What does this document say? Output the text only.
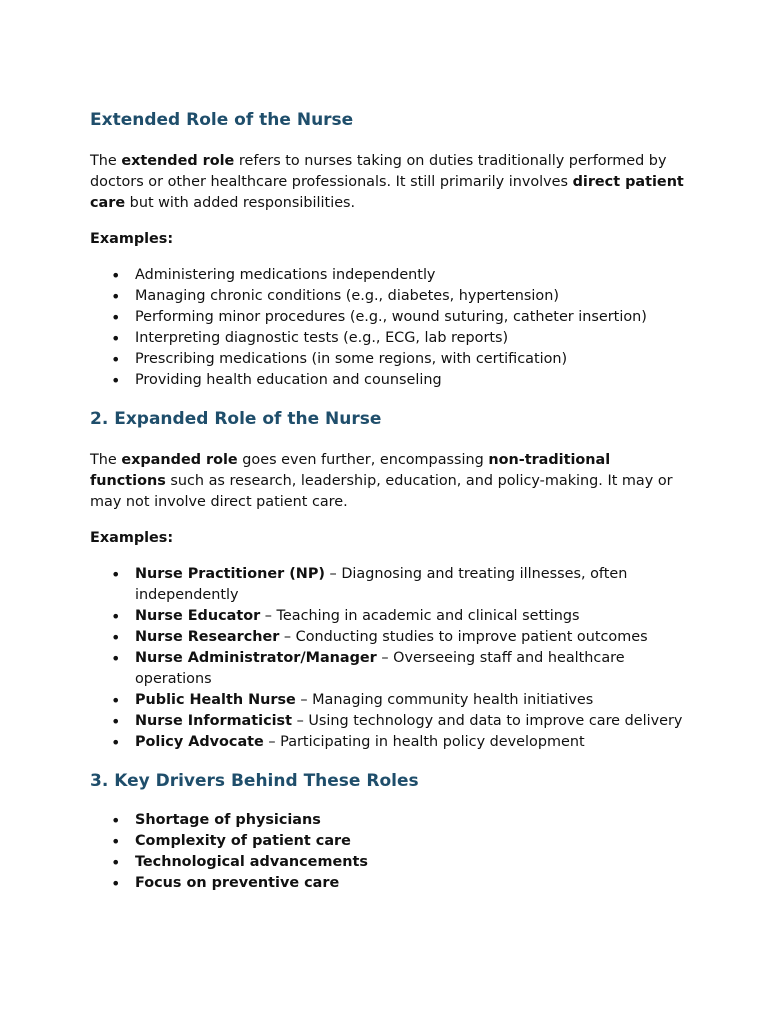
Extended Role of the Nurse

The extended role refers to nurses taking on duties traditionally performed by doctors or other healthcare professionals. It still primarily involves direct patient care but with added responsibilities.

Examples:

• Administering medications independently
• Managing chronic conditions (e.g., diabetes, hypertension)
• Performing minor procedures (e.g., wound suturing, catheter insertion)
• Interpreting diagnostic tests (e.g., ECG, lab reports)
• Prescribing medications (in some regions, with certification)
• Providing health education and counseling
2. Expanded Role of the Nurse

The expanded role goes even further, encompassing non-traditional functions such as research, leadership, education, and policy-making. It may or may not involve direct patient care.

Examples:

• Nurse Practitioner (NP) – Diagnosing and treating illnesses, often independently
• Nurse Educator – Teaching in academic and clinical settings
• Nurse Researcher – Conducting studies to improve patient outcomes
• Nurse Administrator/Manager – Overseeing staff and healthcare operations
• Public Health Nurse – Managing community health initiatives
• Nurse Informaticist – Using technology and data to improve care delivery
• Policy Advocate – Participating in health policy development
3. Key Drivers Behind These Roles
• Shortage of physicians
• Complexity of patient care
• Technological advancements
• Focus on preventive care
